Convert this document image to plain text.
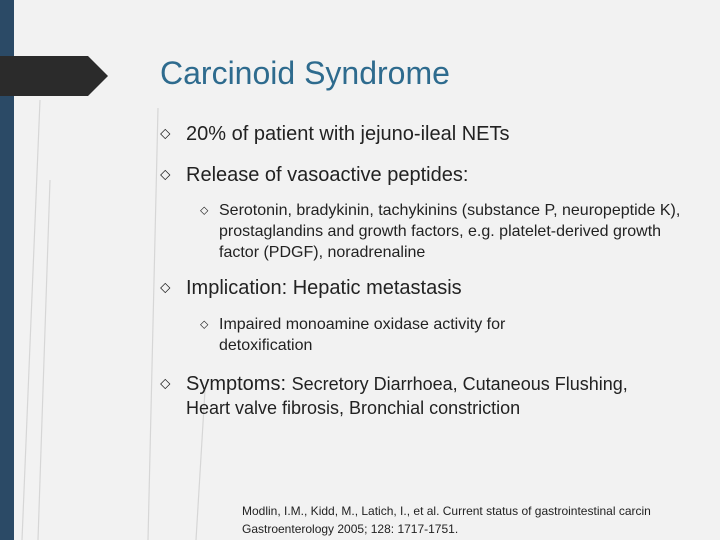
Carcinoid Syndrome
⬦︎ 20% of patient with jejuno-ileal NETs
⬦︎ Release of vasoactive peptides:
⬦︎ Serotonin, bradykinin, tachykinins (substance P, neuropeptide K), prostaglandins and growth factors, e.g. platelet-derived growth factor (PDGF), noradrenaline
⬦︎ Implication: Hepatic metastasis
⬦︎ Impaired monoamine oxidase activity for detoxification
⬦︎ Symptoms: Secretory Diarrhoea, Cutaneous Flushing, Heart valve fibrosis, Bronchial constriction
Modlin, I.M., Kidd, M., Latich, I., et al. Current status of gastrointestinal carcin
Gastroenterology 2005; 128: 1717-1751.
